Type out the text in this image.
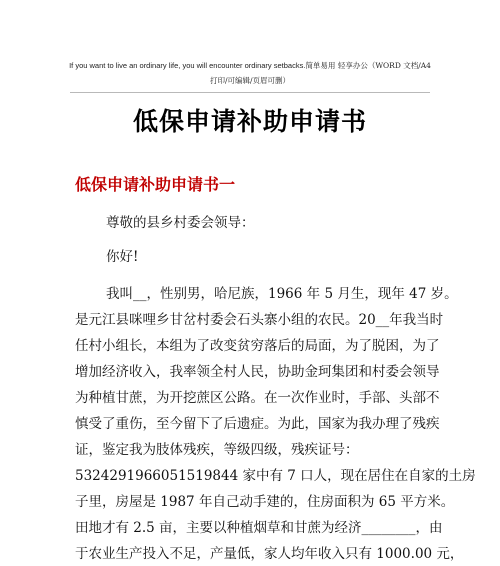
If you want to live an ordinary life, you will encounter ordinary setbacks.简单易用 轻享办公（WORD 文档/A4
打印/可编辑/页眉可删）
低保申请补助申请书
低保申请补助申请书一
尊敬的县乡村委会领导：
你好!
我叫__，性别男，哈尼族，1966 年 5 月生，现年 47 岁。
是元江县咪哩乡甘岔村委会石头寨小组的农民。20__年我当时
任村小组长，本组为了改变贫穷落后的局面，为了脱困，为了
增加经济收入，我率领全村人民，协助金珂集团和村委会领导
为种植甘蔗，为开挖蔗区公路。在一次作业时，手部、头部不
慎受了重伤，至今留下了后遗症。为此，国家为我办理了残疾
证，鉴定我为肢体残疾，等级四级，残疾证号：
5324291966051519844 家中有 7 口人，现在居住在自家的土房
子里，房屋是 1987 年自己动手建的，住房面积为 65 平方米。
田地才有 2.5 亩，主要以种植烟草和甘蔗为经济________，由
于农业生产投入不足，产量低，家人均年收入只有 1000.00 元，
